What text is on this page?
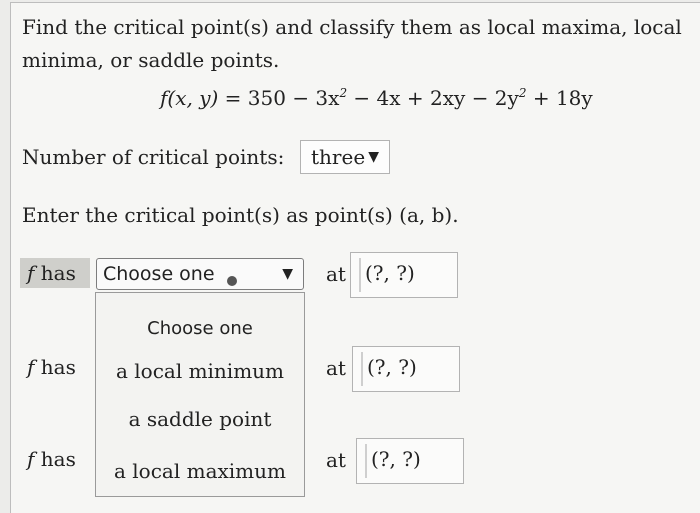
Find the critical point(s) and classify them as local maxima, local
minima, or saddle points.
f(x, $y) = 350 - 3x^2 - 4x + 2xy - 2y^2 + 18y$
Number of critical points:	three ▼
Enter the critical point(s) as point(s) (a, b).
f has	Choose one	▼ at (?, ?)
Choose one
a local minimum
a saddle point
a local maximum
f has	at (?, ?)
f has	at (?, ?)
